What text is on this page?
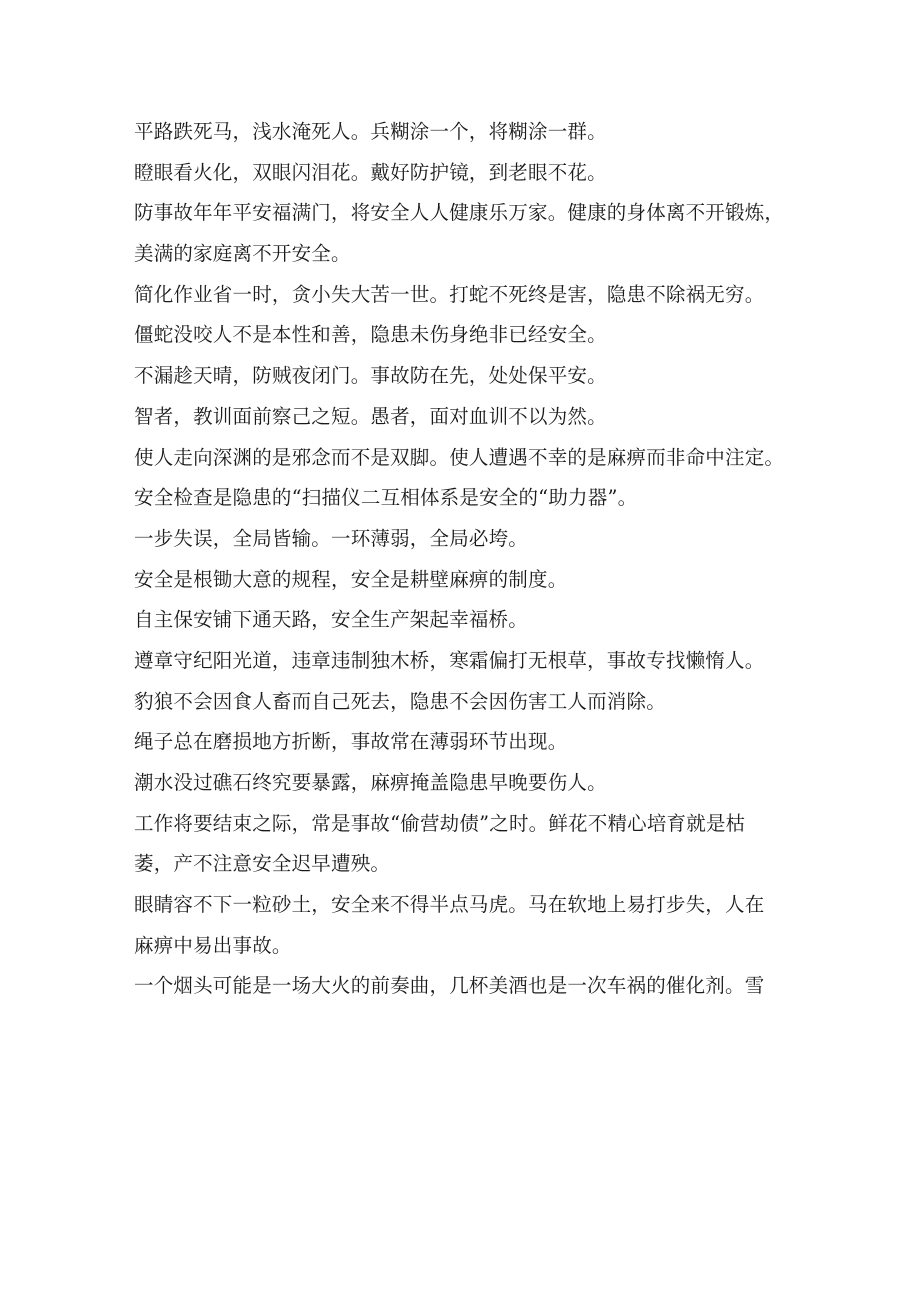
平路跌死马，浅水淹死人。兵糊涂一个，将糊涂一群。
瞪眼看火化，双眼闪泪花。戴好防护镜，到老眼不花。
防事故年年平安福满门，将安全人人健康乐万家。健康的身体离不开锻炼，
美满的家庭离不开安全。
简化作业省一时，贪小失大苦一世。打蛇不死终是害，隐患不除祸无穷。
僵蛇没咬人不是本性和善，隐患未伤身绝非已经安全。
不漏趁天晴，防贼夜闭门。事故防在先，处处保平安。
智者，教训面前察己之短。愚者，面对血训不以为然。
使人走向深渊的是邪念而不是双脚。使人遭遇不幸的是麻痹而非命中注定。
安全检查是隐患的“扫描仪二互相体系是安全的“助力器”。
一步失误，全局皆输。一环薄弱，全局必垮。
安全是根锄大意的规程，安全是耕壁麻痹的制度。
自主保安铺下通天路，安全生产架起幸福桥。
遵章守纪阳光道，违章违制独木桥，寒霜偏打无根草，事故专找懒惰人。
豹狼不会因食人畜而自己死去，隐患不会因伤害工人而消除。
绳子总在磨损地方折断，事故常在薄弱环节出现。
潮水没过礁石终究要暴露，麻痹掩盖隐患早晚要伤人。
工作将要结束之际，常是事故“偷营劫债”之时。鲜花不精心培育就是枯
萎，产不注意安全迟早遭殃。
眼睛容不下一粒砂土，安全来不得半点马虎。马在软地上易打步失，人在
麻痹中易出事故。
一个烟头可能是一场大火的前奏曲，几杯美酒也是一次车祸的催化剂。雪
